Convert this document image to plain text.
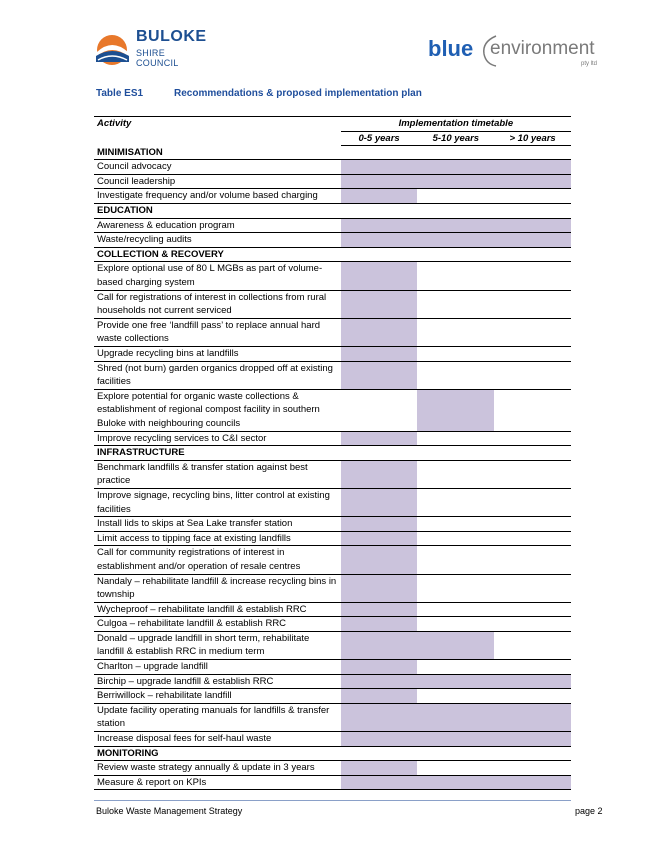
BULOKE
SHIRE COUNCIL
blue environment
pty ltd
Table ES1	Recommendations & proposed implementation plan
Activity	Implementation timetable		
	0-5 years	5-10 years	> 10 years
MINIMISATION			
Council advocacy			
Council leadership			
Investigate frequency and/or volume based charging			
EDUCATION			
Awareness & education program			
Waste/recycling audits			
COLLECTION & RECOVERY			
Explore optional use of 80 L MGBs as part of volume-based charging system			
Call for registrations of interest in collections from rural households not current serviced			
Provide one free ‘landfill pass’ to replace annual hard waste collections			
Upgrade recycling bins at landfills			
Shred (not burn) garden organics dropped off at existing facilities			
Explore potential for organic waste collections & establishment of regional compost facility in southern Buloke with neighbouring councils			
Improve recycling services to C&I sector			
INFRASTRUCTURE			
Benchmark landfills & transfer station against best practice			
Improve signage, recycling bins, litter control at existing facilities			
Install lids to skips at Sea Lake transfer station			
Limit access to tipping face at existing landfills			
Call for community registrations of interest in establishment and/or operation of resale centres			
Nandaly – rehabilitate landfill & increase recycling bins in township			
Wycheproof – rehabilitate landfill & establish RRC			
Culgoa – rehabilitate landfill & establish RRC			
Donald – upgrade landfill in short term, rehabilitate landfill & establish RRC in medium term			
Charlton – upgrade landfill			
Birchip – upgrade landfill & establish RRC			
Berriwillock – rehabilitate landfill			
Update facility operating manuals for landfills & transfer station			
Increase disposal fees for self-haul waste			
MONITORING			
Review waste strategy annually & update in 3 years			
Measure & report on KPIs			
Buloke Waste Management Strategy	page 2
